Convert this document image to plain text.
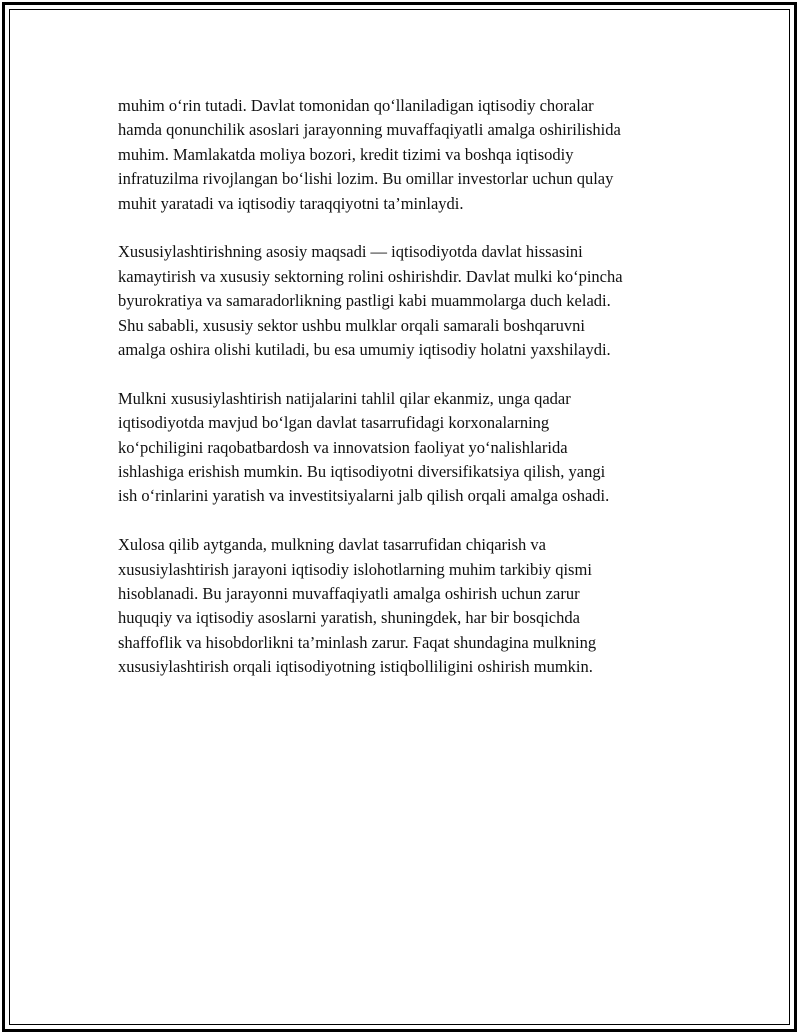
muhim o‘rin tutadi. Davlat tomonidan qo‘llaniladigan iqtisodiy choralar
hamda qonunchilik asoslari jarayonning muvaffaqiyatli amalga oshirilishida
muhim. Mamlakatda moliya bozori, kredit tizimi va boshqa iqtisodiy
infratuzilma rivojlangan bo‘lishi lozim. Bu omillar investorlar uchun qulay
muhit yaratadi va iqtisodiy taraqqiyotni ta’minlaydi.

Xususiylashtirishning asosiy maqsadi — iqtisodiyotda davlat hissasini
kamaytirish va xususiy sektorning rolini oshirishdir. Davlat mulki ko‘pincha
byurokratiya va samaradorlikning pastligi kabi muammolarga duch keladi.
Shu sababli, xususiy sektor ushbu mulklar orqali samarali boshqaruvni
amalga oshira olishi kutiladi, bu esa umumiy iqtisodiy holatni yaxshilaydi.

Mulkni xususiylashtirish natijalarini tahlil qilar ekanmiz, unga qadar
iqtisodiyotda mavjud bo‘lgan davlat tasarrufidagi korxonalarning
ko‘pchiligini raqobatbardosh va innovatsion faoliyat yo‘nalishlarida
ishlashiga erishish mumkin. Bu iqtisodiyotni diversifikatsiya qilish, yangi
ish o‘rinlarini yaratish va investitsiyalarni jalb qilish orqali amalga oshadi.

Xulosa qilib aytganda, mulkning davlat tasarrufidan chiqarish va
xususiylashtirish jarayoni iqtisodiy islohotlarning muhim tarkibiy qismi
hisoblanadi. Bu jarayonni muvaffaqiyatli amalga oshirish uchun zarur
huquqiy va iqtisodiy asoslarni yaratish, shuningdek, har bir bosqichda
shaffoflik va hisobdorlikni ta’minlash zarur. Faqat shundagina mulkning
xususiylashtirish orqali iqtisodiyotning istiqbolliligini oshirish mumkin.
